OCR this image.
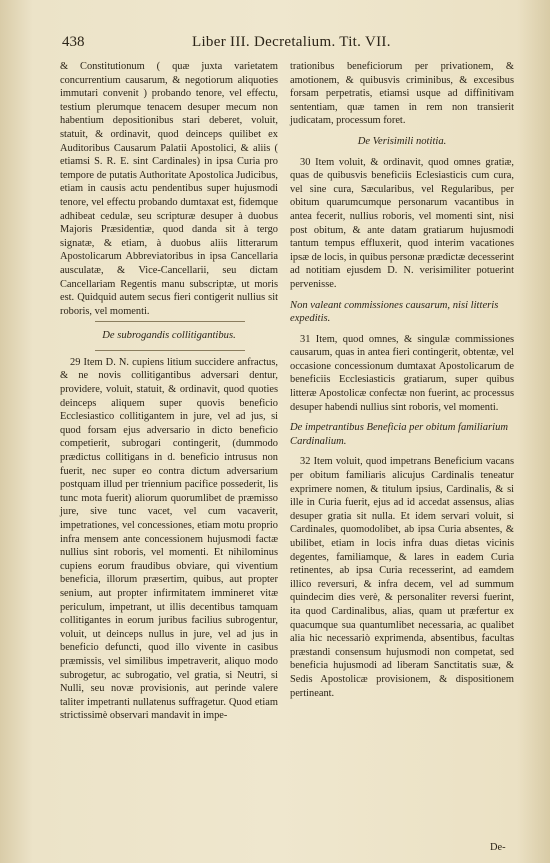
438	Liber III. Decretalium. Tit. VII.

& Constitutionum ( quæ juxta varietatem concurrentium causarum, & negotiorum aliquoties immutari convenit ) probando tenore, vel effectu, testium plerumque tenacem desuper mecum non habentium depositionibus stari deberet, voluit, statuit, & ordinavit, quod deinceps quilibet ex Auditoribus Causarum Palatii Apostolici, & aliis ( etiamsi S. R. E. sint Cardinales) in ipsa Curia pro tempore de putatis Authoritate Apostolica Judicibus, etiam in causis actu pendentibus super hujusmodi tenore, vel effectu probando dumtaxat est, fidemque adhibeat cedulæ, seu scripturæ desuper à duobus Majoris Præsidentiæ, quod danda sit à tergo signatæ, & etiam, à duobus aliis litterarum Apostolicarum Abbreviatoribus in ipsa Cancellaria ausculatæ, & Vice-Cancellarii, seu dictam Cancellariam Regentis manu subscriptæ, ut moris est. Quidquid autem secus fieri contigerit nullius sit roboris, vel momenti.

De subrogandis collitigantibus.

29 Item D. N. cupiens litium succidere anfractus, & ne novis collitigantibus adversari dentur, providere, voluit, statuit, & ordinavit, quod quoties deinceps aliquem super quovis beneficio Ecclesiastico collitigantem in jure, vel ad jus, si quod forsam ejus adversario in dicto beneficio competierit, subrogari contingerit, (dummodo prædictus collitigans in d. beneficio intrusus non fuerit, nec super eo contra dictum adversarium postquam illud per triennium pacifice possederit, lis tunc mota fuerit) aliorum quorumlibet de præmisso jure, sive tunc vacet, vel cum vacaverit, impetrationes, vel concessiones, etiam motu proprio infra mensem ante concessionem hujusmodi factæ nullius sint roboris, vel momenti. Et nihilominus cupiens eorum fraudibus obviare, qui viventium beneficia, illorum præsertim, quibus, aut propter senium, aut propter infirmitatem immineret vitæ periculum, impetrant, ut illis decentibus tamquam collitigantes in eorum juribus facilius subrogentur, voluit, ut deinceps nullus in jure, vel ad jus in beneficio defuncti, quod illo vivente in casibus præmissis, vel similibus impetraverit, aliquo modo subrogetur, ac subrogatio, vel gratia, si Neutri, si Nulli, seu novæ provisionis, aut perinde valere taliter impetranti nullatenus suffragetur. Quod etiam strictissimè observari mandavit in impe-

trationibus beneficiorum per privationem, & amotionem, & quibusvis criminibus, & excesibus forsam perpetratis, etiamsi usque ad diffinitivam sententiam, quæ tamen in rem non transierit judicatam, processum foret.

De Verisimili notitia.

30 Item voluit, & ordinavit, quod omnes gratiæ, quas de quibusvis beneficiis Eclesiasticis cum cura, vel sine cura, Sæcularibus, vel Regularibus, per obitum quarumcumque personarum vacantibus in antea fecerit, nullius roboris, vel momenti sint, nisi post obitum, & ante datam gratiarum hujusmodi tantum tempus effluxerit, quod interim vacationes ipsæ de locis, in quibus personæ prædictæ decesserint ad notitiam ejusdem D. N. verisimiliter potuerint pervenisse.

Non valeant commissiones causarum, nisi litteris expeditis.

31 Item, quod omnes, & singulæ commissiones causarum, quas in antea fieri contingerit, obtentæ, vel occasione concessionum dumtaxat Apostolicarum de beneficiis Ecclesiasticis gratiarum, super quibus litteræ Apostolicæ confectæ non fuerint, ac processus desuper habendi nullius sint roboris, vel momenti.

De impetrantibus Beneficia per obitum familiarium Cardinalium.

32 Item voluit, quod impetrans Beneficium vacans per obitum familiaris alicujus Cardinalis teneatur exprimere nomen, & titulum ipsius, Cardinalis, & si ille in Curia fuerit, ejus ad id accedat assensus, alias desuper gratia sit nulla. Et idem servari voluit, si Cardinales, quomodolibet, ab ipsa Curia absentes, & ubilibet, etiam in locis infra duas dietas vicinis degentes, familiamque, & lares in eadem Curia retinentes, ab ipsa Curia recesserint, ad eamdem illico reversuri, & infra decem, vel ad summum quindecim dies verè, & personaliter reversi fuerint, ita quod Cardinalibus, alias, quam ut præfertur ex quacumque sua quantumlibet necessaria, ac qualibet alia hic necessariò exprimenda, absentibus, facultas præstandi consensum hujusmodi non competat, sed beneficia hujusmodi ad liberam Sanctitatis suæ, & Sedis Apostolicæ provisionem, & dispositionem pertineant.

De-
